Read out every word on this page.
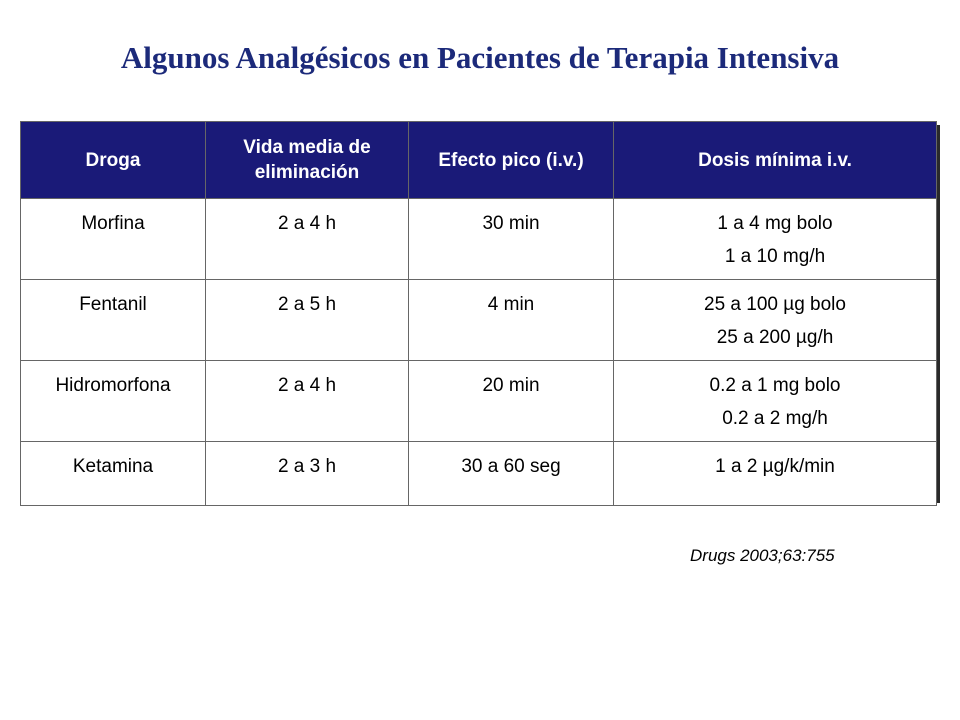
Algunos Analgésicos en Pacientes de Terapia Intensiva
Droga	Vida media de eliminación	Efecto pico (i.v.)	Dosis mínima i.v.
Morfina	2 a 4 h	30 min	1 a 4 mg bolo
1 a 10 mg/h

Fentanil	2 a 5 h	4 min	25 a 100 µg bolo
25 a 200 µg/h

Hidromorfona	2 a 4 h	20 min	0.2 a 1 mg bolo
0.2 a 2 mg/h

Ketamina	2 a 3 h	30 a 60 seg	1 a 2 µg/k/min
Drugs 2003;63:755
